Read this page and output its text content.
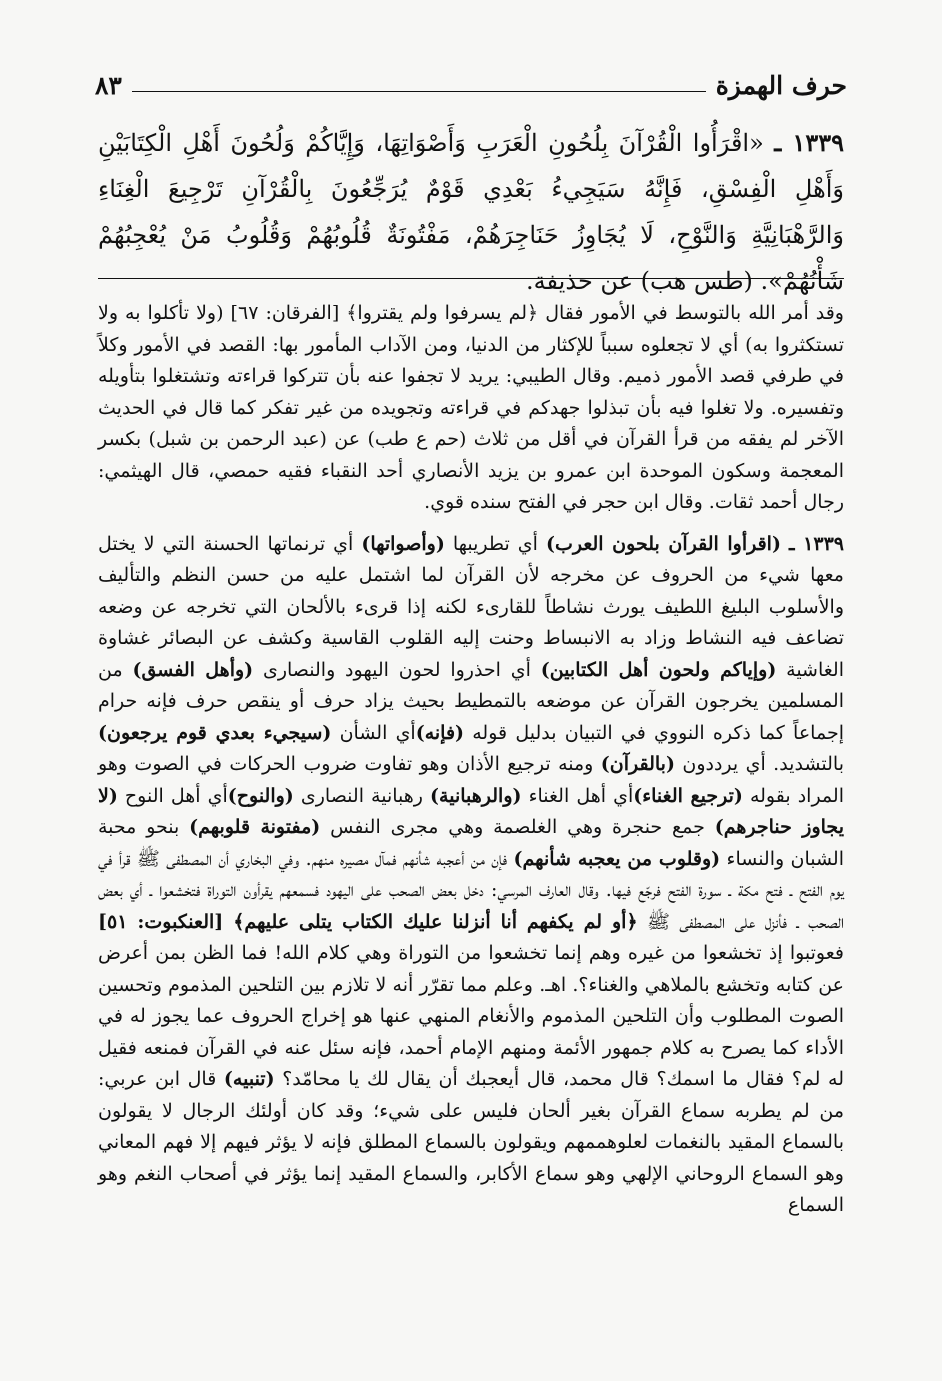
حرف الهمزة
٨٣
١٣٣٩ ـ «اقْرَأُوا الْقُرْآنَ بِلُحُونِ الْعَرَبِ وَأَصْوَاتِهَا، وَإِيَّاكُمْ وَلُحُونَ أَهْلِ الْكِتَابَيْنِ وَأَهْلِ الْفِسْقِ، فَإِنَّهُ سَيَجِيءُ بَعْدِي قَوْمٌ يُرَجِّعُونَ بِالْقُرْآنِ تَرْجِيعَ الْغِنَاءِ وَالرَّهْبَانِيَّةِ وَالنَّوْحِ، لَا يُجَاوِزُ حَنَاجِرَهُمْ، مَفْتُونَةٌ قُلُوبُهُمْ وَقُلُوبُ مَنْ يُعْجِبُهُمْ شَأْنُهُمْ». (طس هب) عن حذيفة.

وقد أمر الله بالتوسط في الأمور فقال ﴿لم يسرفوا ولم يقتروا﴾ [الفرقان: ٦٧] (ولا تأكلوا به ولا تستكثروا به) أي لا تجعلوه سبباً للإكثار من الدنيا، ومن الآداب المأمور بها: القصد في الأمور وكلاً في طرفي قصد الأمور ذميم. وقال الطيبي: يريد لا تجفوا عنه بأن تتركوا قراءته وتشتغلوا بتأويله وتفسيره. ولا تغلوا فيه بأن تبذلوا جهدكم في قراءته وتجويده من غير تفكر كما قال في الحديث الآخر لم يفقه من قرأ القرآن في أقل من ثلاث (حم ع طب) عن (عبد الرحمن بن شبل) بكسر المعجمة وسكون الموحدة ابن عمرو بن يزيد الأنصاري أحد النقباء فقيه حمصي، قال الهيثمي: رجال أحمد ثقات. وقال ابن حجر في الفتح سنده قوي.

١٣٣٩ ـ (اقرأوا القرآن بلحون العرب) أي تطريبها (وأصواتها) أي ترنماتها الحسنة التي لا يختل معها شيء من الحروف عن مخرجه لأن القرآن لما اشتمل عليه من حسن النظم والتأليف والأسلوب البليغ اللطيف يورث نشاطاً للقارىء لكنه إذا قرىء بالألحان التي تخرجه عن وضعه تضاعف فيه النشاط وزاد به الانبساط وحنت إليه القلوب القاسية وكشف عن البصائر غشاوة الغاشية (وإياكم ولحون أهل الكتابين) أي احذروا لحون اليهود والنصارى (وأهل الفسق) من المسلمين يخرجون القرآن عن موضعه بالتمطيط بحيث يزاد حرف أو ينقص حرف فإنه حرام إجماعاً كما ذكره النووي في التبيان بدليل قوله (فإنه)أي الشأن (سيجيء بعدي قوم يرجعون) بالتشديد. أي يرددون (بالقرآن) ومنه ترجيع الأذان وهو تفاوت ضروب الحركات في الصوت وهو المراد بقوله (ترجيع الغناء)أي أهل الغناء (والرهبانية) رهبانية النصارى (والنوح)أي أهل النوح (لا يجاوز حناجرهم) جمع حنجرة وهي الغلصمة وهي مجرى النفس (مفتونة قلوبهم) بنحو محبة الشبان والنساء (وقلوب من يعجبه شأنهم) فإن من أعجبه شأنهم فمآل مصيره منهم. وفي البخاري أن المصطفى ﷺ قرأ في يوم الفتح ـ فتح مكة ـ سورة الفتح فرجّع فيها. وقال العارف المرسي: دخل بعض الصحب على اليهود فسمعهم يقرأون التوراة فتخشعوا ـ أي بعض الصحب ـ فأنزل على المصطفى ﷺ ﴿أو لم يكفهم أنا أنزلنا عليك الكتاب يتلى عليهم﴾ [العنكبوت: ٥١] فعوتبوا إذ تخشعوا من غيره وهم إنما تخشعوا من التوراة وهي كلام الله! فما الظن بمن أعرض عن كتابه وتخشع بالملاهي والغناء؟. اهـ. وعلم مما تقرّر أنه لا تلازم بين التلحين المذموم وتحسين الصوت المطلوب وأن التلحين المذموم والأنغام المنهي عنها هو إخراج الحروف عما يجوز له في الأداء كما يصرح به كلام جمهور الأئمة ومنهم الإمام أحمد، فإنه سئل عنه في القرآن فمنعه فقيل له لم؟ فقال ما اسمك؟ قال محمد، قال أيعجبك أن يقال لك يا محامّد؟ (تنبيه) قال ابن عربي: من لم يطربه سماع القرآن بغير ألحان فليس على شيء؛ وقد كان أولئك الرجال لا يقولون بالسماع المقيد بالنغمات لعلوهممهم ويقولون بالسماع المطلق فإنه لا يؤثر فيهم إلا فهم المعاني وهو السماع الروحاني الإلهي وهو سماع الأكابر، والسماع المقيد إنما يؤثر في أصحاب النغم وهو السماع
